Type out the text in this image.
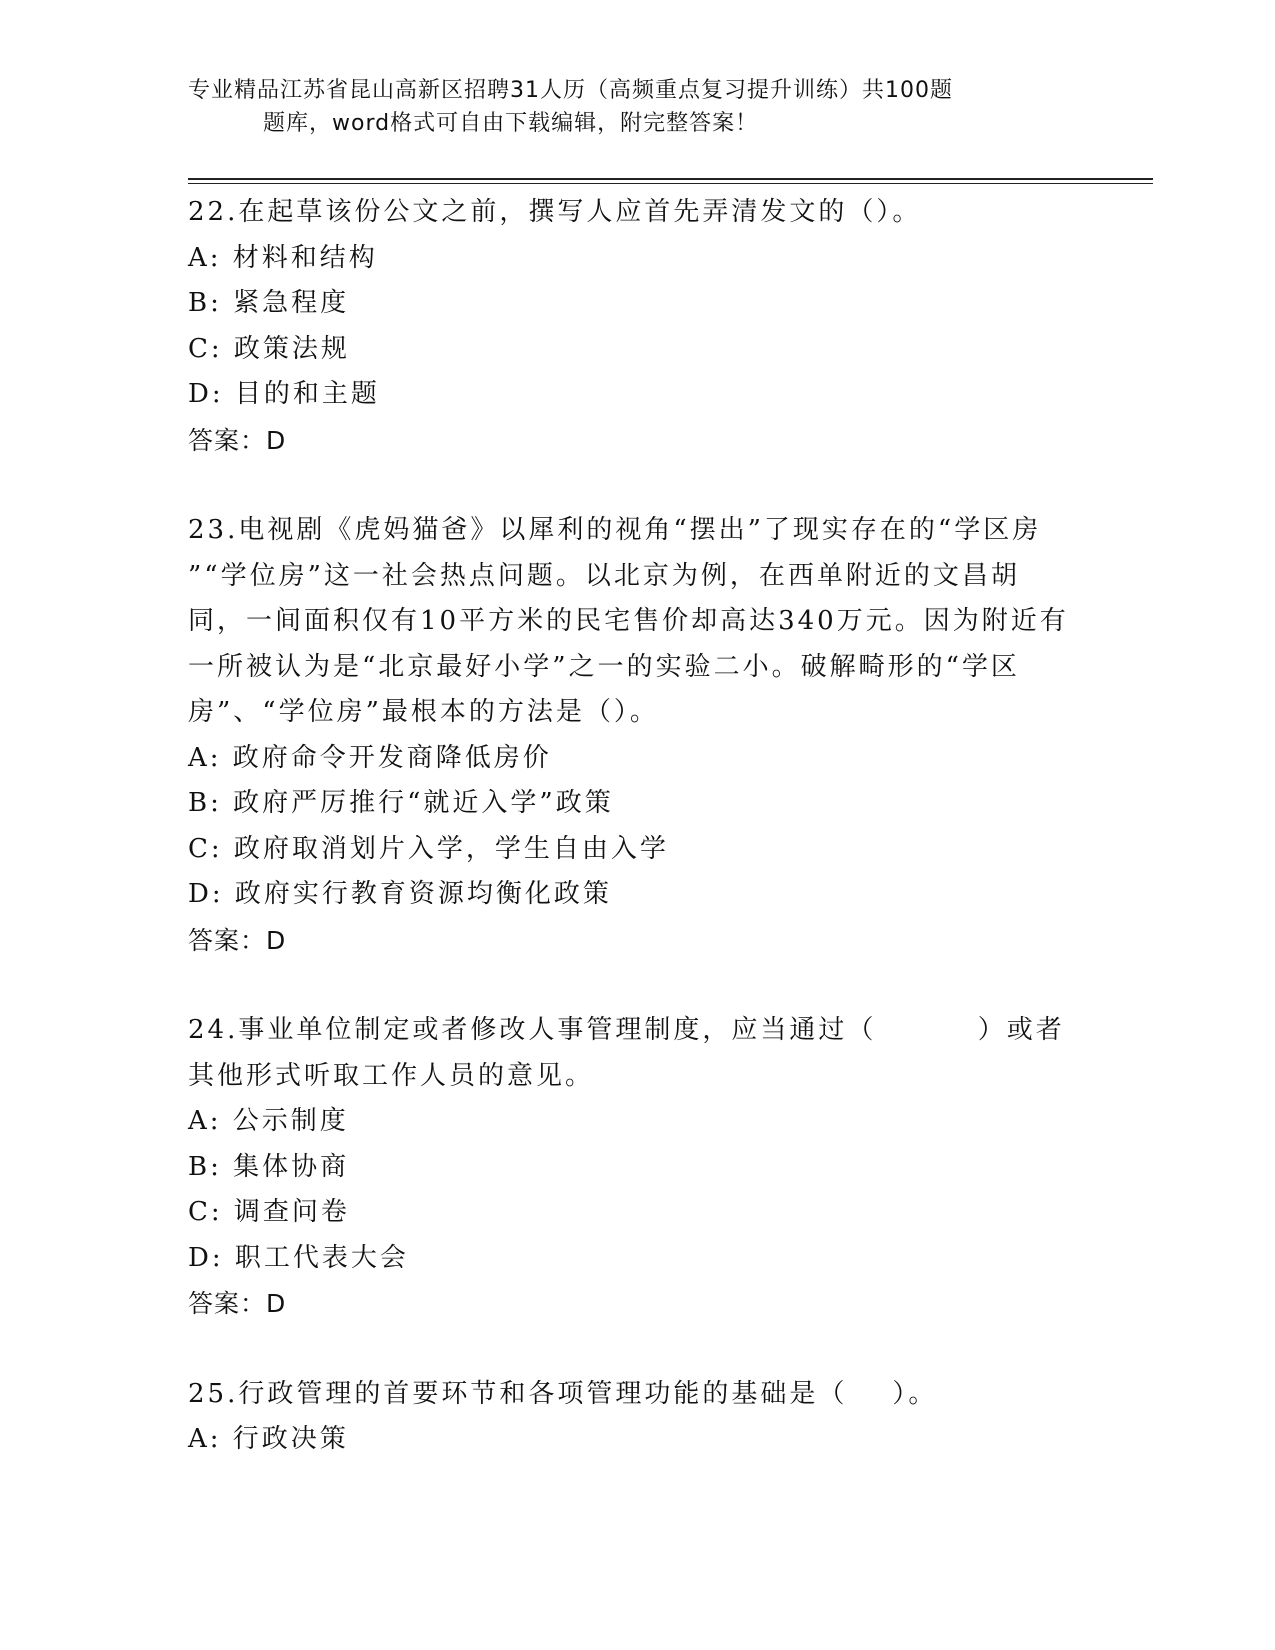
专业精品江苏省昆山高新区招聘31人历（高频重点复习提升训练）共100题
题库，word格式可自由下载编辑，附完整答案！

22.在起草该份公文之前，撰写人应首先弄清发文的（）。

A: 材料和结构

B: 紧急程度

C: 政策法规

D: 目的和主题

答案：D

23.电视剧《虎妈猫爸》以犀利的视角“摆出”了现实存在的“学区房

”“学位房”这一社会热点问题。以北京为例，在西单附近的文昌胡

同，一间面积仅有10平方米的民宅售价却高达340万元。因为附近有

一所被认为是“北京最好小学”之一的实验二小。破解畸形的“学区

房”、“学位房”最根本的方法是（）。

A: 政府命令开发商降低房价

B: 政府严厉推行“就近入学”政策

C: 政府取消划片入学，学生自由入学

D: 政府实行教育资源均衡化政策

答案：D

24.事业单位制定或者修改人事管理制度，应当通过（         ）或者

其他形式听取工作人员的意见。

A: 公示制度

B: 集体协商

C: 调查问卷

D: 职工代表大会

答案：D

25.行政管理的首要环节和各项管理功能的基础是（    ）。

A: 行政决策
